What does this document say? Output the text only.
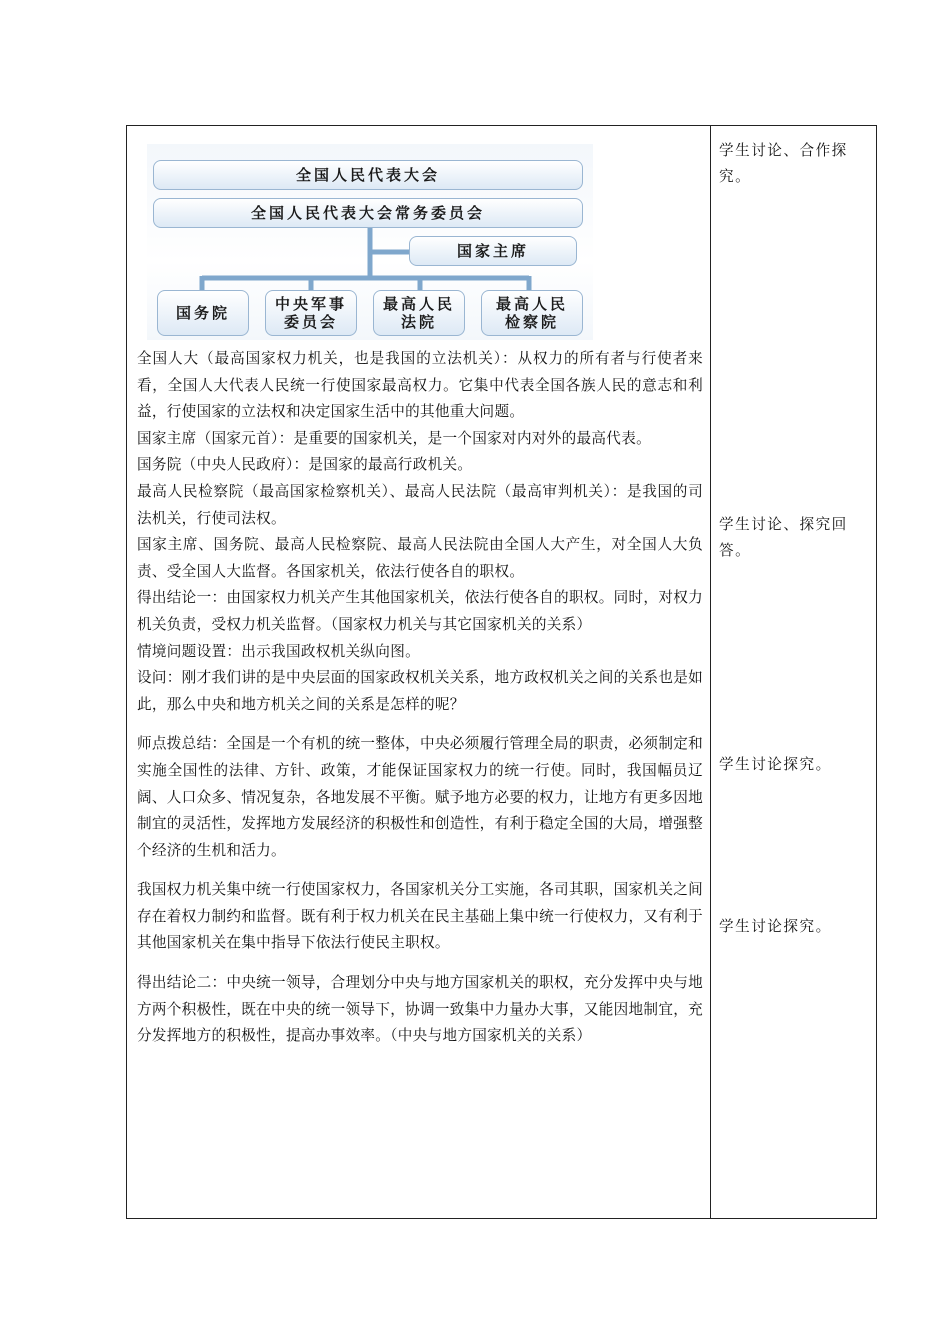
全国人民代表大会
全国人民代表大会常务委员会
国家主席
国务院	中央军事
委员会
最高人民
法院
最高人民
检察院

全国人大（最高国家权力机关，也是我国的立法机关）：从权力的所有者与行使者来看，全国人大代表人民统一行使国家最高权力。它集中代表全国各族人民的意志和利益，行使国家的立法权和决定国家生活中的其他重大问题。

国家主席（国家元首）：是重要的国家机关，是一个国家对内对外的最高代表。

国务院（中央人民政府）：是国家的最高行政机关。

最高人民检察院（最高国家检察机关）、最高人民法院（最高审判机关）：是我国的司法机关，行使司法权。

国家主席、国务院、最高人民检察院、最高人民法院由全国人大产生，对全国人大负责、受全国人大监督。各国家机关，依法行使各自的职权。

得出结论一：由国家权力机关产生其他国家机关，依法行使各自的职权。同时，对权力机关负责，受权力机关监督。（国家权力机关与其它国家机关的关系）

情境问题设置：出示我国政权机关纵向图。

设问：刚才我们讲的是中央层面的国家政权机关关系，地方政权机关之间的关系也是如此，那么中央和地方机关之间的关系是怎样的呢？

师点拨总结：全国是一个有机的统一整体，中央必须履行管理全局的职责，必须制定和实施全国性的法律、方针、政策，才能保证国家权力的统一行使。同时，我国幅员辽阔、人口众多、情况复杂，各地发展不平衡。赋予地方必要的权力，让地方有更多因地制宜的灵活性，发挥地方发展经济的积极性和创造性，有利于稳定全国的大局，增强整个经济的生机和活力。

我国权力机关集中统一行使国家权力，各国家机关分工实施，各司其职，国家机关之间存在着权力制约和监督。既有利于权力机关在民主基础上集中统一行使权力，又有利于其他国家机关在集中指导下依法行使民主职权。

得出结论二：中央统一领导，合理划分中央与地方国家机关的职权，充分发挥中央与地方两个积极性，既在中央的统一领导下，协调一致集中力量办大事，又能因地制宜，充分发挥地方的积极性，提高办事效率。（中央与地方国家机关的关系）

学生讨论、合作探究。

学生讨论、探究回答。

学生讨论探究。

学生讨论探究。
